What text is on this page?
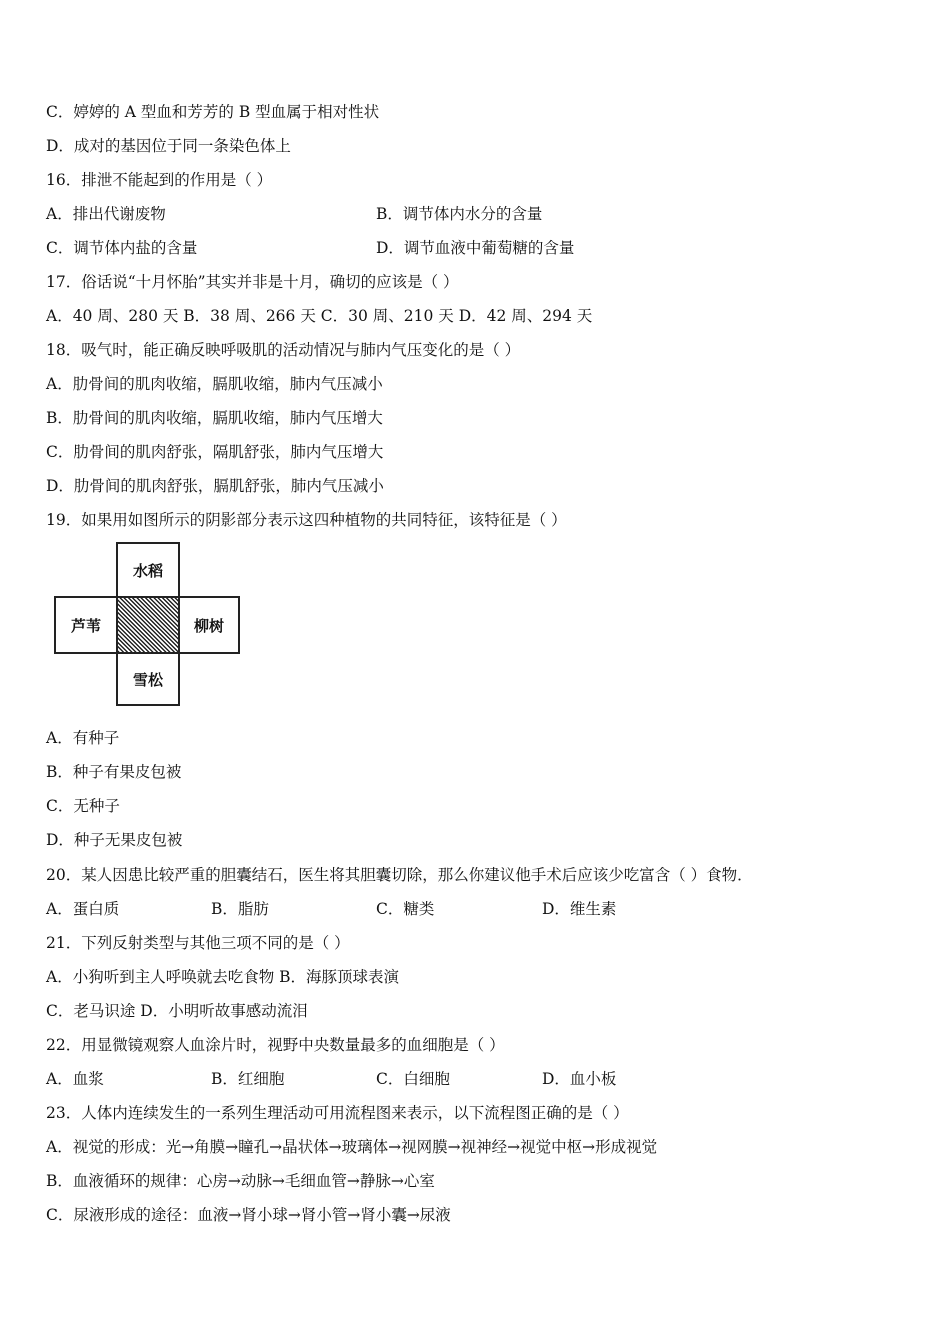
C．婷婷的 A 型血和芳芳的 B 型血属于相对性状
D．成对的基因位于同一条染色体上
16．排泄不能起到的作用是（ ）
A．排出代谢废物	B．调节体内水分的含量
C．调节体内盐的含量	D．调节血液中葡萄糖的含量
17．俗话说“十月怀胎”其实并非是十月，确切的应该是（ ）
A．40 周、280 天 B．38 周、266 天 C．30 周、210 天 D．42 周、294 天
18．吸气时，能正确反映呼吸肌的活动情况与肺内气压变化的是（ ）
A．肋骨间的肌肉收缩，膈肌收缩，肺内气压减小
B．肋骨间的肌肉收缩，膈肌收缩，肺内气压增大
C．肋骨间的肌肉舒张，隔肌舒张，肺内气压增大
D．肋骨间的肌肉舒张，膈肌舒张，肺内气压减小
19．如果用如图所示的阴影部分表示这四种植物的共同特征，该特征是（ ）
水稻
芦苇	柳树
雪松
A．有种子
B．种子有果皮包被
C．无种子
D．种子无果皮包被
20．某人因患比较严重的胆囊结石，医生将其胆囊切除，那么你建议他手术后应该少吃富含（ ）食物．
A．蛋白质	B．脂肪	C．糖类	D．维生素
21．下列反射类型与其他三项不同的是（ ）
A．小狗听到主人呼唤就去吃食物 B．海豚顶球表演
C．老马识途 D．小明听故事感动流泪
22．用显微镜观察人血涂片时，视野中央数量最多的血细胞是（ ）
A．血浆	B．红细胞	C．白细胞	D．血小板
23．人体内连续发生的一系列生理活动可用流程图来表示，以下流程图正确的是（ ）
A．视觉的形成：光→角膜→瞳孔→晶状体→玻璃体→视网膜→视神经→视觉中枢→形成视觉
B．血液循环的规律：心房→动脉→毛细血管→静脉→心室
C．尿液形成的途径：血液→肾小球→肾小管→肾小囊→尿液
